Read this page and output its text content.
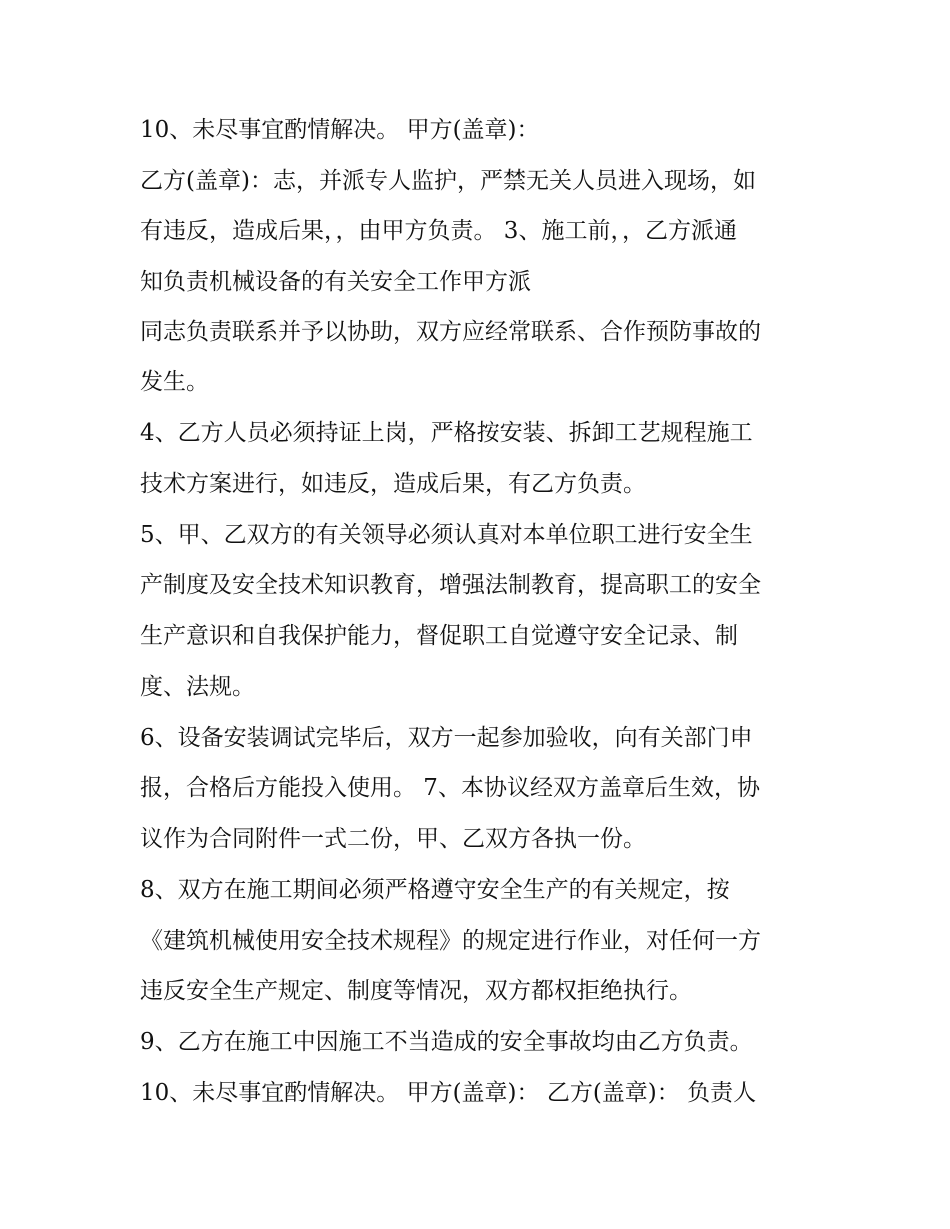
10、未尽事宜酌情解决。 甲方(盖章)：
乙方(盖章)：志，并派专人监护，严禁无关人员进入现场，如
有违反，造成后果，，由甲方负责。 3、施工前，，乙方派通
知负责机械设备的有关安全工作甲方派
同志负责联系并予以协助，双方应经常联系、合作预防事故的
发生。
4、乙方人员必须持证上岗，严格按安装、拆卸工艺规程施工
技术方案进行，如违反，造成后果，有乙方负责。
5、甲、乙双方的有关领导必须认真对本单位职工进行安全生
产制度及安全技术知识教育，增强法制教育，提高职工的安全
生产意识和自我保护能力，督促职工自觉遵守安全记录、制
度、法规。
6、设备安装调试完毕后，双方一起参加验收，向有关部门申
报，合格后方能投入使用。 7、本协议经双方盖章后生效，协
议作为合同附件一式二份，甲、乙双方各执一份。
8、双方在施工期间必须严格遵守安全生产的有关规定，按
《建筑机械使用安全技术规程》的规定进行作业，对任何一方
违反安全生产规定、制度等情况，双方都权拒绝执行。
9、乙方在施工中因施工不当造成的安全事故均由乙方负责。
10、未尽事宜酌情解决。 甲方(盖章)： 乙方(盖章)： 负责人
